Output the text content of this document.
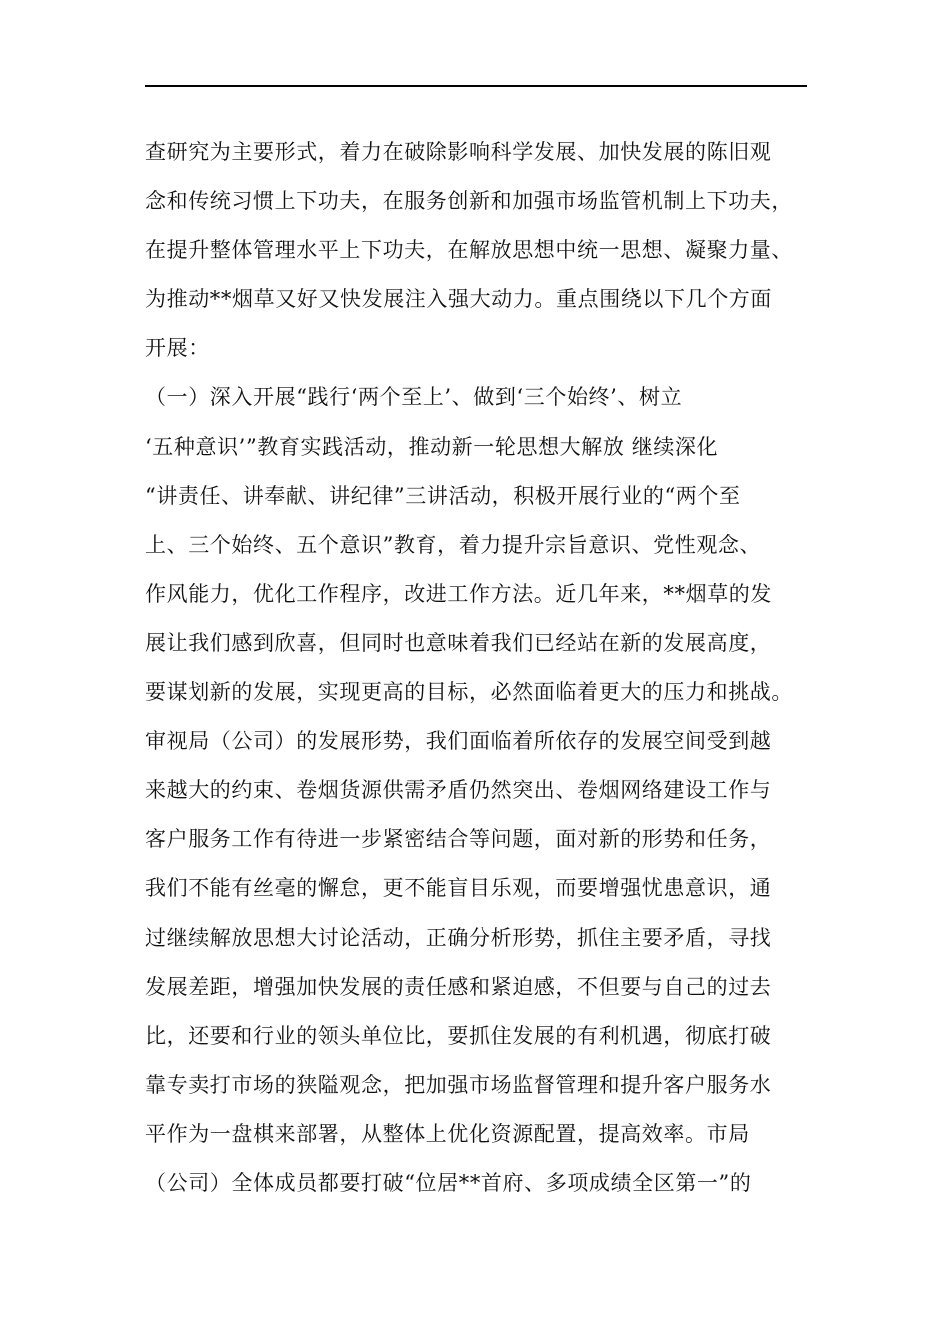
查研究为主要形式，着力在破除影响科学发展、加快发展的陈旧观
念和传统习惯上下功夫，在服务创新和加强市场监管机制上下功夫，
在提升整体管理水平上下功夫，在解放思想中统一思想、凝聚力量、
为推动**烟草又好又快发展注入强大动力。重点围绕以下几个方面
开展：
（一）深入开展“践行‘两个至上’、做到‘三个始终’、树立
‘五种意识’”教育实践活动，推动新一轮思想大解放 继续深化
“讲责任、讲奉献、讲纪律”三讲活动，积极开展行业的“两个至
上、三个始终、五个意识”教育，着力提升宗旨意识、党性观念、
作风能力，优化工作程序，改进工作方法。近几年来，**烟草的发
展让我们感到欣喜，但同时也意味着我们已经站在新的发展高度，
要谋划新的发展，实现更高的目标，必然面临着更大的压力和挑战。
审视局（公司）的发展形势，我们面临着所依存的发展空间受到越
来越大的约束、卷烟货源供需矛盾仍然突出、卷烟网络建设工作与
客户服务工作有待进一步紧密结合等问题，面对新的形势和任务，
我们不能有丝毫的懈怠，更不能盲目乐观，而要增强忧患意识，通
过继续解放思想大讨论活动，正确分析形势，抓住主要矛盾，寻找
发展差距，增强加快发展的责任感和紧迫感，不但要与自己的过去
比，还要和行业的领头单位比，要抓住发展的有利机遇，彻底打破
靠专卖打市场的狭隘观念，把加强市场监督管理和提升客户服务水
平作为一盘棋来部署，从整体上优化资源配置，提高效率。市局
（公司）全体成员都要打破“位居**首府、多项成绩全区第一”的
